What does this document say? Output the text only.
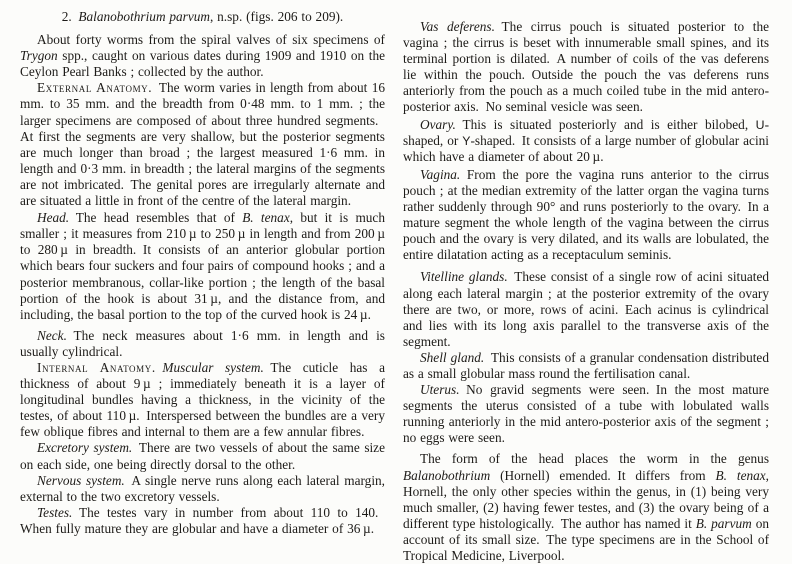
2. Balanobothrium parvum, n.sp. (figs. 206 to 209).

About forty worms from the spiral valves of six specimens of Trygon spp., caught on various dates during 1909 and 1910 on the Ceylon Pearl Banks ; collected by the author.

External Anatomy. The worm varies in length from about 16 mm. to 35 mm. and the breadth from 0·48 mm. to 1 mm. ; the larger specimens are composed of about three hundred segments. At first the segments are very shallow, but the posterior segments are much longer than broad ; the largest measured 1·6 mm. in length and 0·3 mm. in breadth ; the lateral margins of the segments are not imbricated. The genital pores are irregularly alternate and are situated a little in front of the centre of the lateral margin.

Head. The head resembles that of B. tenax, but it is much smaller ; it measures from 210 µ to 250 µ in length and from 200 µ to 280 µ in breadth. It consists of an anterior globular portion which bears four suckers and four pairs of compound hooks ; and a posterior membranous, collar-like portion ; the length of the basal portion of the hook is about 31 µ, and the distance from, and including, the basal portion to the top of the curved hook is 24 µ.

Neck. The neck measures about 1·6 mm. in length and is usually cylindrical.

Internal Anatomy.  Muscular system. The cuticle has a thickness of about 9 µ ; immediately beneath it is a layer of longitudinal bundles having a thickness, in the vicinity of the testes, of about 110 µ. Interspersed between the bundles are a very few oblique fibres and internal to them are a few annular fibres.

Excretory system. There are two vessels of about the same size on each side, one being directly dorsal to the other.

Nervous system. A single nerve runs along each lateral margin, external to the two excretory vessels.

Testes. The testes vary in number from about 110 to 140. When fully mature they are globular and have a diameter of 36 µ.

Vas deferens. The cirrus pouch is situated posterior to the vagina ; the cirrus is beset with innumerable small spines, and its terminal portion is dilated. A number of coils of the vas deferens lie within the pouch. Outside the pouch the vas deferens runs anteriorly from the pouch as a much coiled tube in the mid antero-posterior axis. No seminal vesicle was seen.

Ovary. This is situated posteriorly and is either bilobed, U-shaped, or Y-shaped. It consists of a large number of globular acini which have a diameter of about 20 µ.

Vagina. From the pore the vagina runs anterior to the cirrus pouch ; at the median extremity of the latter organ the vagina turns rather suddenly through 90° and runs posteriorly to the ovary. In a mature segment the whole length of the vagina between the cirrus pouch and the ovary is very dilated, and its walls are lobulated, the entire dilatation acting as a receptaculum seminis.

Vitelline glands. These consist of a single row of acini situated along each lateral margin ; at the posterior extremity of the ovary there are two, or more, rows of acini. Each acinus is cylindrical and lies with its long axis parallel to the transverse axis of the segment.

Shell gland. This consists of a granular condensation distributed as a small globular mass round the fertilisation canal.

Uterus. No gravid segments were seen. In the most mature segments the uterus consisted of a tube with lobulated walls running anteriorly in the mid antero-posterior axis of the segment ; no eggs were seen.

The form of the head places the worm in the genus Balanobothrium (Hornell) emended. It differs from B. tenax, Hornell, the only other species within the genus, in (1) being very much smaller, (2) having fewer testes, and (3) the ovary being of a different type histologically. The author has named it B. parvum on account of its small size. The type specimens are in the School of Tropical Medicine, Liverpool.
